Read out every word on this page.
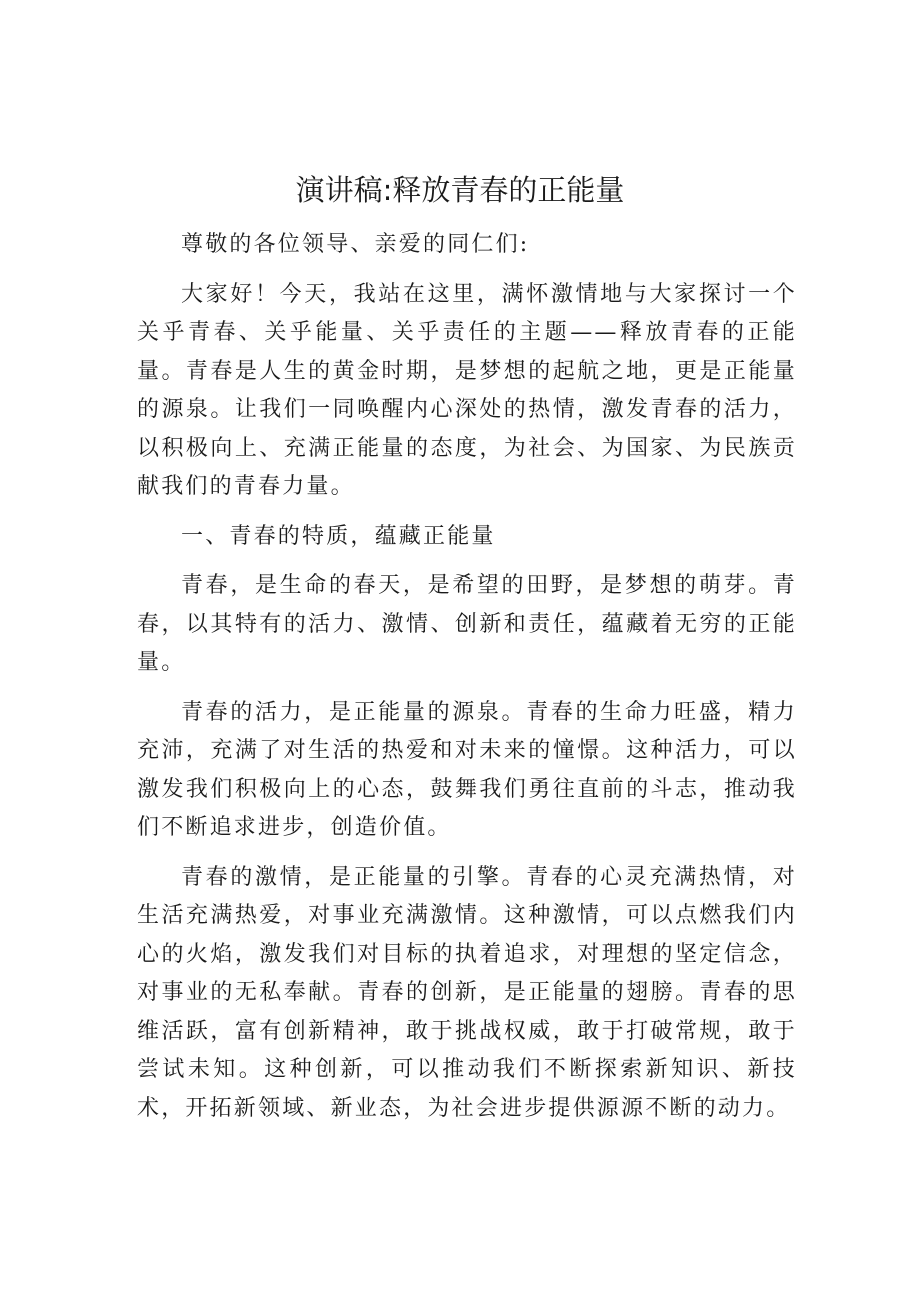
演讲稿:释放青春的正能量

尊敬的各位领导、亲爱的同仁们:

大家好！今天，我站在这里，满怀激情地与大家探讨一个关乎青春、关乎能量、关乎责任的主题——释放青春的正能量。青春是人生的黄金时期，是梦想的起航之地，更是正能量的源泉。让我们一同唤醒内心深处的热情，激发青春的活力，以积极向上、充满正能量的态度，为社会、为国家、为民族贡献我们的青春力量。

一、青春的特质，蕴藏正能量

青春，是生命的春天，是希望的田野，是梦想的萌芽。青春，以其特有的活力、激情、创新和责任，蕴藏着无穷的正能量。

青春的活力，是正能量的源泉。青春的生命力旺盛，精力充沛，充满了对生活的热爱和对未来的憧憬。这种活力，可以激发我们积极向上的心态，鼓舞我们勇往直前的斗志，推动我们不断追求进步，创造价值。

青春的激情，是正能量的引擎。青春的心灵充满热情，对生活充满热爱，对事业充满激情。这种激情，可以点燃我们内心的火焰，激发我们对目标的执着追求，对理想的坚定信念，对事业的无私奉献。青春的创新，是正能量的翅膀。青春的思维活跃，富有创新精神，敢于挑战权威，敢于打破常规，敢于尝试未知。这种创新，可以推动我们不断探索新知识、新技术，开拓新领域、新业态，为社会进步提供源源不断的动力。
